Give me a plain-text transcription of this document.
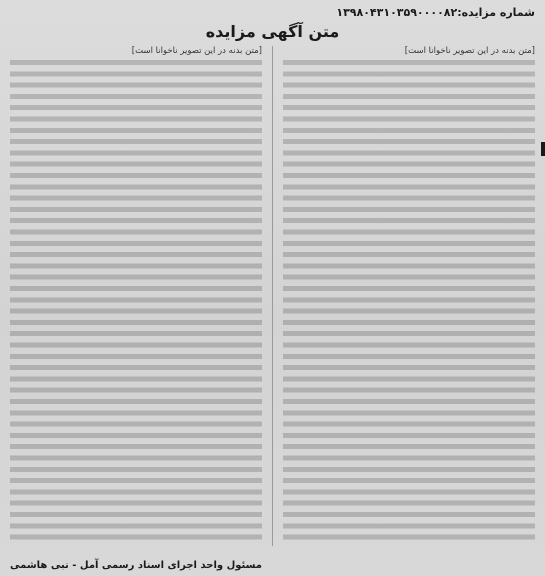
شماره مزایده:۱۳۹۸۰۴۳۱۰۳۵۹۰۰۰۰۸۲
متن آگهی مزایده
[متن بدنه در این تصویر ناخوانا است]
[متن بدنه در این تصویر ناخوانا است]
مسئول واحد اجرای اسناد رسمی آمل - نبی هاشمی
